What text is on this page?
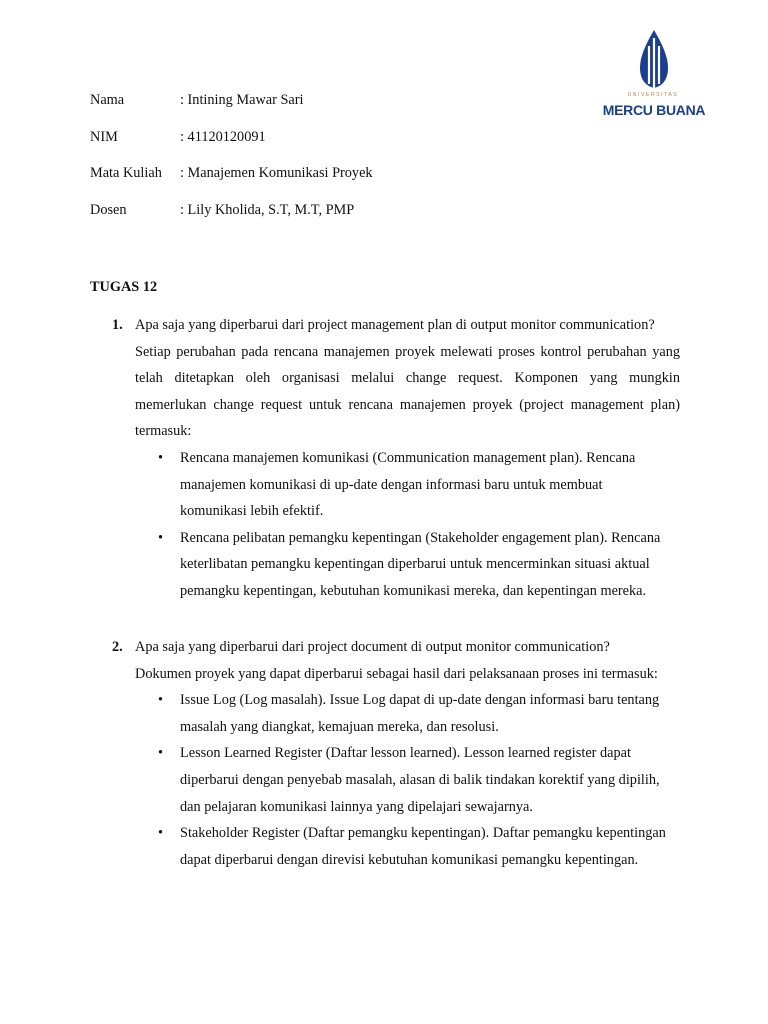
UNIVERSITAS
MERCU BUANA
Nama	: Intining Mawar Sari
NIM	: 41120120091
Mata Kuliah	: Manajemen Komunikasi Proyek
Dosen	: Lily Kholida, S.T, M.T, PMP
TUGAS 12
1. Apa saja yang diperbarui dari project management plan di output monitor communication?
Setiap perubahan pada rencana manajemen proyek melewati proses kontrol perubahan yang telah ditetapkan oleh organisasi melalui change request. Komponen yang mungkin memerlukan change request untuk rencana manajemen proyek (project management plan) termasuk:
• Rencana manajemen komunikasi (Communication management plan). Rencana manajemen komunikasi di up-date dengan informasi baru untuk membuat komunikasi lebih efektif.
• Rencana pelibatan pemangku kepentingan (Stakeholder engagement plan). Rencana keterlibatan pemangku kepentingan diperbarui untuk mencerminkan situasi aktual pemangku kepentingan, kebutuhan komunikasi mereka, dan kepentingan mereka.
2. Apa saja yang diperbarui dari project document di output monitor communication?
Dokumen proyek yang dapat diperbarui sebagai hasil dari pelaksanaan proses ini termasuk:
• Issue Log (Log masalah). Issue Log dapat di up-date dengan informasi baru tentang masalah yang diangkat, kemajuan mereka, dan resolusi.
• Lesson Learned Register (Daftar lesson learned). Lesson learned register dapat diperbarui dengan penyebab masalah, alasan di balik tindakan korektif yang dipilih, dan pelajaran komunikasi lainnya yang dipelajari sewajarnya.
• Stakeholder Register (Daftar pemangku kepentingan). Daftar pemangku kepentingan dapat diperbarui dengan direvisi kebutuhan komunikasi pemangku kepentingan.
